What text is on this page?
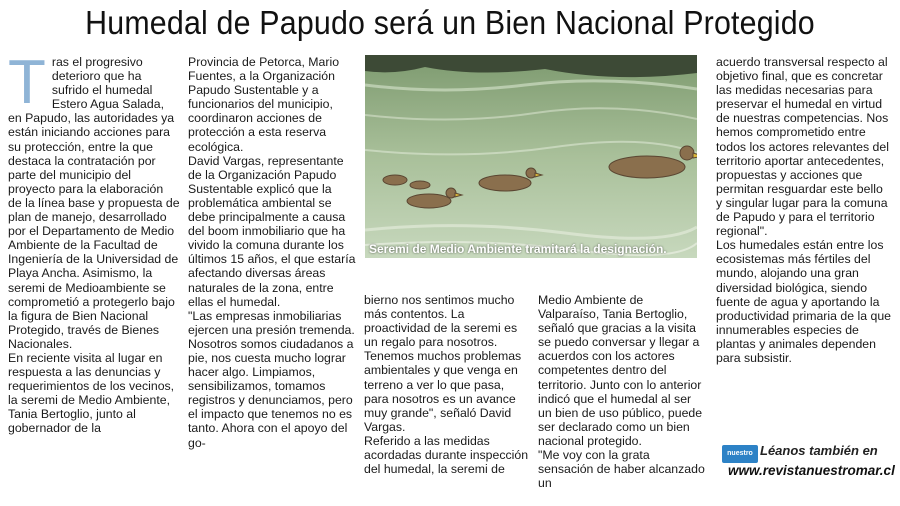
Humedal de Papudo será un Bien Nacional Protegido
T ras el progresivo deterioro que ha sufrido el humedal Estero Agua Salada, en Papudo, las autoridades ya están iniciando acciones para su protección, entre la que destaca la contratación por parte del municipio del proyecto para la elaboración de la línea base y propuesta de plan de manejo, desarrollado por el Departamento de Medio Ambiente de la Facultad de Ingeniería de la Universidad de Playa Ancha. Asimismo, la seremi de Medioambiente se comprometió a protegerlo bajo la figura de Bien Nacional Protegido, través de Bienes Nacionales.

En reciente visita al lugar en respuesta a las denuncias y requerimientos de los vecinos, la seremi de Medio Ambiente, Tania Bertoglio, junto al gobernador de la

Provincia de Petorca, Mario Fuentes, a la Organización Papudo Sustentable y a funcionarios del municipio, coordinaron acciones de protección a esta reserva ecológica.

David Vargas, representante de la Organización Papudo Sustentable explicó que la problemática ambiental se debe principalmente a causa del boom inmobiliario que ha vivido la comuna durante los últimos 15 años, el que estaría afectando diversas áreas naturales de la zona, entre ellas el humedal.

"Las empresas inmobiliarias ejercen una presión tremenda. Nosotros somos ciudadanos a pie, nos cuesta mucho lograr hacer algo. Limpiamos, sensibilizamos, tomamos registros y denunciamos, pero el impacto que tenemos no es tanto. Ahora con el apoyo del go-

Seremi de Medio Ambiente tramitará la designación.

bierno nos sentimos mucho más contentos. La proactividad de la seremi es un regalo para nosotros. Tenemos muchos problemas ambientales y que venga en terreno a ver lo que pasa, para nosotros es un avance muy grande", señaló David Vargas.

Referido a las medidas acordadas durante inspección del humedal, la seremi de

Medio Ambiente de Valparaíso, Tania Bertoglio, señaló que gracias a la visita se puedo conversar y llegar a acuerdos con los actores competentes dentro del territorio. Junto con lo anterior indicó que el humedal al ser un bien de uso público, puede ser declarado como un bien nacional protegido.

"Me voy con la grata sensación de haber alcanzado un

acuerdo transversal respecto al objetivo final, que es concretar las medidas necesarias para preservar el humedal en virtud de nuestras competencias. Nos hemos comprometido entre todos los actores relevantes del territorio aportar antecedentes, propuestas y acciones que permitan resguardar este bello y singular lugar para la comuna de Papudo y para el territorio regional".

Los humedales están entre los ecosistemas más fértiles del mundo, alojando una gran diversidad biológica, siendo fuente de agua y aportando la productividad primaria de la que innumerables especies de plantas y animales dependen para subsistir.

nuestro Léanos también en
www.revistanuestromar.cl
